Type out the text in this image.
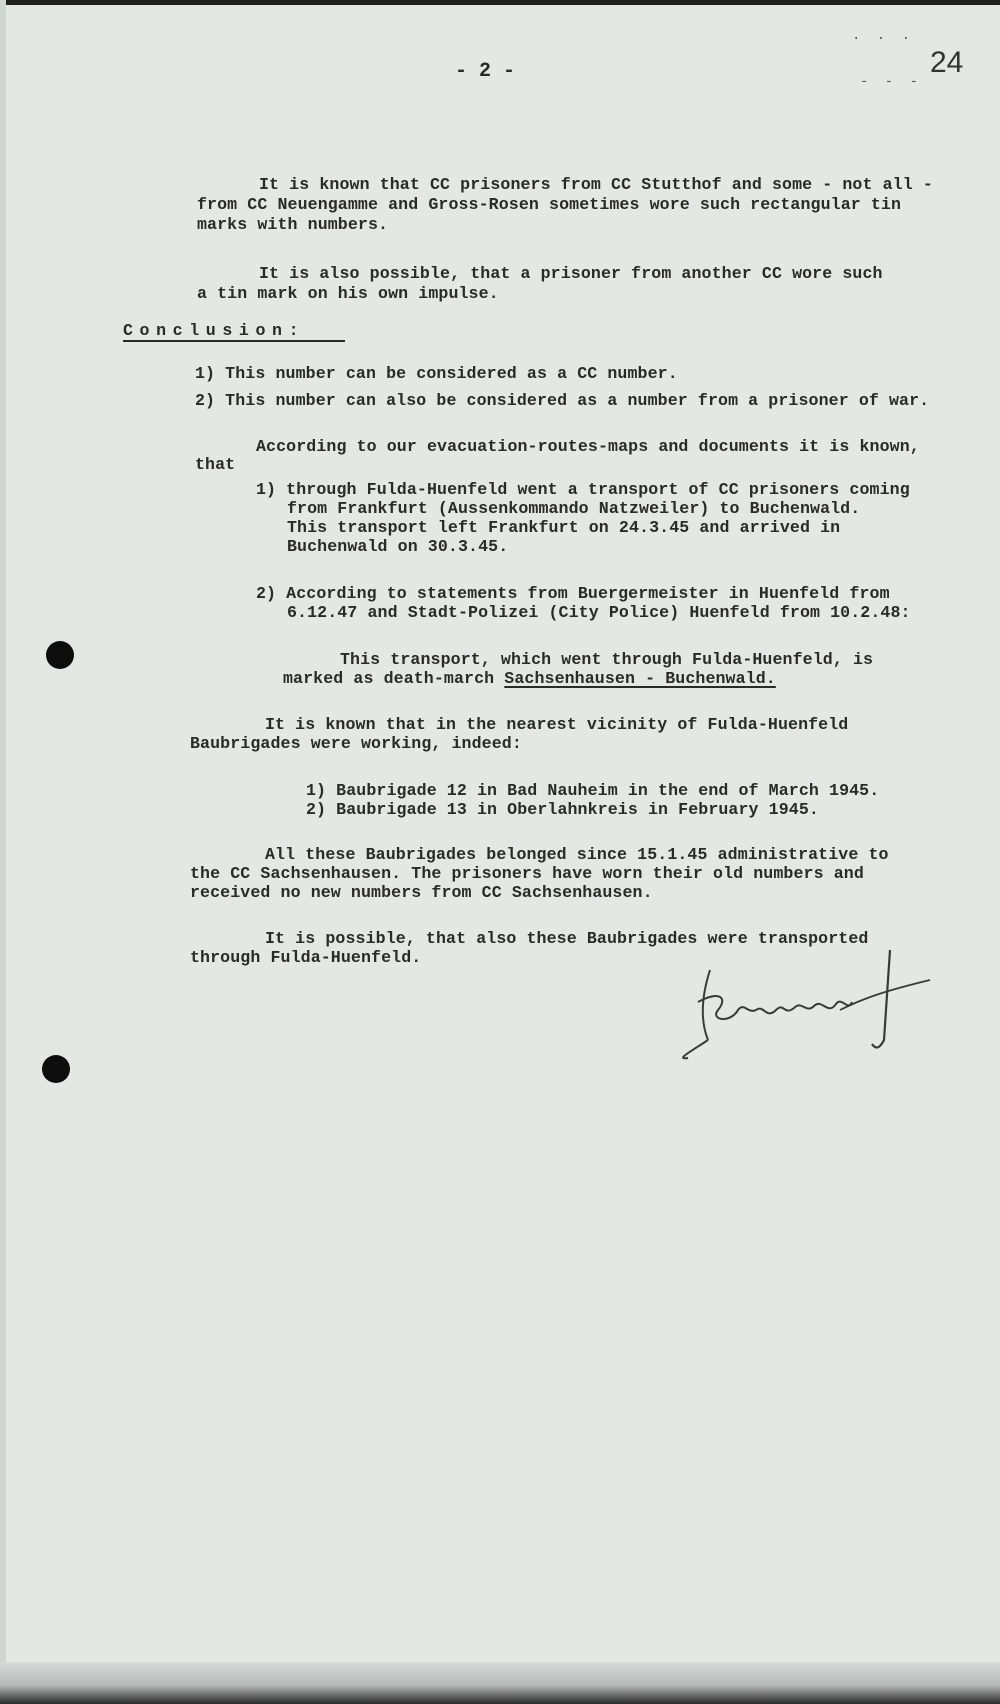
- 2 -
. . .
- - -
24
It is known that CC prisoners from CC Stutthof and some - not all -
from CC Neuengamme and Gross-Rosen sometimes wore such rectangular tin
marks with numbers.
It is also possible, that a prisoner from another CC wore such
a tin mark on his own impulse.
Conclusion:
1) This number can be considered as a CC number.
2) This number can also be considered as a number from a prisoner of war.
According to our evacuation-routes-maps and documents it is known,
that
1) through Fulda-Huenfeld went a transport of CC prisoners coming
from Frankfurt (Aussenkommando Natzweiler) to Buchenwald.
This transport left Frankfurt on 24.3.45 and arrived in
Buchenwald on 30.3.45.
2) According to statements from Buergermeister in Huenfeld from
6.12.47 and Stadt-Polizei (City Police) Huenfeld from 10.2.48:
This transport, which went through Fulda-Huenfeld, is
marked as death-march Sachsenhausen - Buchenwald.
It is known that in the nearest vicinity of Fulda-Huenfeld
Baubrigades were working, indeed:
1) Baubrigade 12 in Bad Nauheim in the end of March 1945.
2) Baubrigade 13 in Oberlahnkreis in February 1945.
All these Baubrigades belonged since 15.1.45 administrative to
the CC Sachsenhausen. The prisoners have worn their old numbers and
received no new numbers from CC Sachsenhausen.
It is possible, that also these Baubrigades were transported
through Fulda-Huenfeld.
